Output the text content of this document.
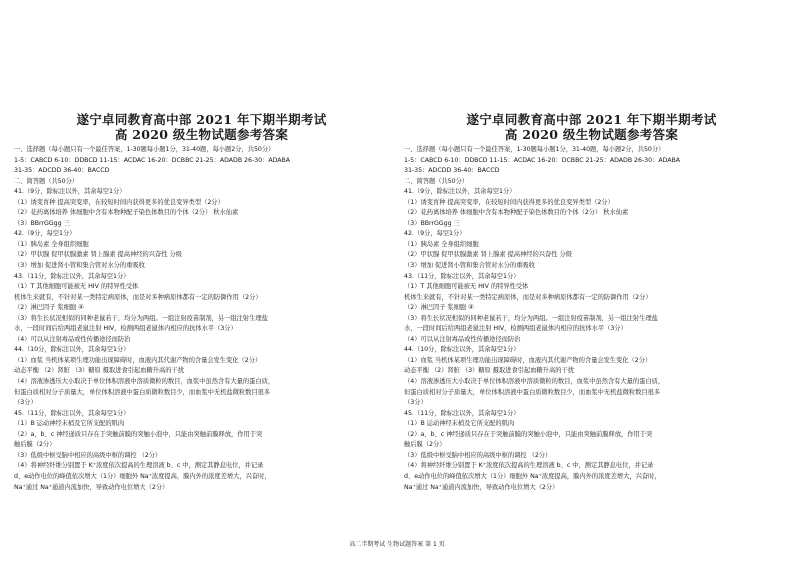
遂宁卓同教育高中部 2021 年下期半期考试
高 2020 级生物试题参考答案
一、选择题（每小题只有一个最佳答案，1-30题每小题1分，31-40题，每小题2分，共50分）
1-5：CABCD 6-10：DDBCD 11-15：ACDAC 16-20：DCBBC 21-25：ADADB 26-30：ADABA
31-35：ADCDD 36-40：BACCD
二、简答题（共50分）
41.（9分，除标注以外，其余每空1分）
（1）诱变育种 提高突变率，在较短时间内获得更多的优良变异类型（2分）
（2）花药离体培养 体细胞中含有本物种配子染色体数目的个体（2分） 秋水仙素
（3）BBrrGGgg 三
42.（9分，每空1分）
（1）胰岛素 全身组织细胞
（2）甲状腺 促甲状腺激素 肾上腺素 提高神经的兴奋性 分级
（3）增加 促进肾小管和集合管对水分的重吸收
43.（11分，除标注以外，其余每空1分）
（1）T 其他细胞可能被无 HIV 的特异性受体
机体生来就有，不针对某一类特定病原体，而是对多种病原体都有一定的防御作用（2分）
（2）淋巴因子 浆细胞 ④
（3）将生长状况相似的同种老鼠若干，均分为两组。一组注射疫苗制剂，另一组注射生理盐
水，一段时间后给两组老鼠注射 HIV，检测两组老鼠体内相应的抗体水平（3分）
（4）可以从注射毒品或性传播途径而防治
44.（10分，除标注以外，其余每空1分）
（1）血浆 当机体某项生理功能出现障碍时，血液内其代谢产物的含量会发生变化（2分）
动态平衡 （2）肾脏 （3）糖原 摄取进食引起血糖升高的干扰
（4）溶液渗透压大小取决于单位体积溶液中溶质微粒的数目，血浆中虽然含有大量的蛋白质，
但蛋白质相对分子质量大，单位体积溶液中蛋白质微粒数目少，而血浆中无机盐微粒数目很多
（3分）
45.（11分，除标注以外，其余每空1分）
（1）B 运动神经末梢及它所支配的肌肉
（2）a、b、c 神经递质只存在于突触前膜的突触小泡中，只能由突触前膜释放，作用于突
触后膜（2分）
（3）低级中枢受脑中相应的高级中枢的调控 （2分）
（4）将神经纤维分别置于 K⁺浓度依次提高的生理溶液 b、c 中，测定其静息电位，并记录
d、e动作电位的峰值依次增大（1分）细胞外 Na⁺浓度提高，膜内外的浓度差增大，兴奋时，
Na⁺通过 Na⁺通道内流加快，导致动作电位增大（2分）
遂宁卓同教育高中部 2021 年下期半期考试
高 2020 级生物试题参考答案
一、选择题（每小题只有一个最佳答案，1-30题每小题1分，31-40题，每小题2分，共50分）
1-5：CABCD 6-10：DDBCD 11-15：ACDAC 16-20：DCBBC 21-25：ADADB 26-30：ADABA
31-35：ADCDD 36-40：BACCD
二、简答题（共50分）
41.（9分，除标注以外，其余每空1分）
（1）诱变育种 提高突变率，在较短时间内获得更多的优良变异类型（2分）
（2）花药离体培养 体细胞中含有本物种配子染色体数目的个体（2分） 秋水仙素
（3）BBrrGGgg 三
42.（9分，每空1分）
（1）胰岛素 全身组织细胞
（2）甲状腺 促甲状腺激素 肾上腺素 提高神经的兴奋性 分级
（3）增加 促进肾小管和集合管对水分的重吸收
43.（11分，除标注以外，其余每空1分）
（1）T 其他细胞可能被无 HIV 的特异性受体
机体生来就有，不针对某一类特定病原体，而是对多种病原体都有一定的防御作用（2分）
（2）淋巴因子 浆细胞 ④
（3）将生长状况相似的同种老鼠若干，均分为两组。一组注射疫苗制剂，另一组注射生理盐
水，一段时间后给两组老鼠注射 HIV，检测两组老鼠体内相应的抗体水平（3分）
（4）可以从注射毒品或性传播途径而防治
44.（10分，除标注以外，其余每空1分）
（1）血浆 当机体某项生理功能出现障碍时，血液内其代谢产物的含量会发生变化（2分）
动态平衡 （2）肾脏 （3）糖原 摄取进食引起血糖升高的干扰
（4）溶液渗透压大小取决于单位体积溶液中溶质微粒的数目，血浆中虽然含有大量的蛋白质，
但蛋白质相对分子质量大，单位体积溶液中蛋白质微粒数目少，而血浆中无机盐微粒数目很多
（3分）
45.（11分，除标注以外，其余每空1分）
（1）B 运动神经末梢及它所支配的肌肉
（2）a、b、c 神经递质只存在于突触前膜的突触小泡中，只能由突触前膜释放，作用于突
触后膜（2分）
（3）低级中枢受脑中相应的高级中枢的调控 （2分）
（4）将神经纤维分别置于 K⁺浓度依次提高的生理溶液 b、c 中，测定其静息电位，并记录
d、e动作电位的峰值依次增大（1分）细胞外 Na⁺浓度提高，膜内外的浓度差增大，兴奋时，
Na⁺通过 Na⁺通道内流加快，导致动作电位增大（2分）
高二半期考试 生物试题答案 第 1 页
